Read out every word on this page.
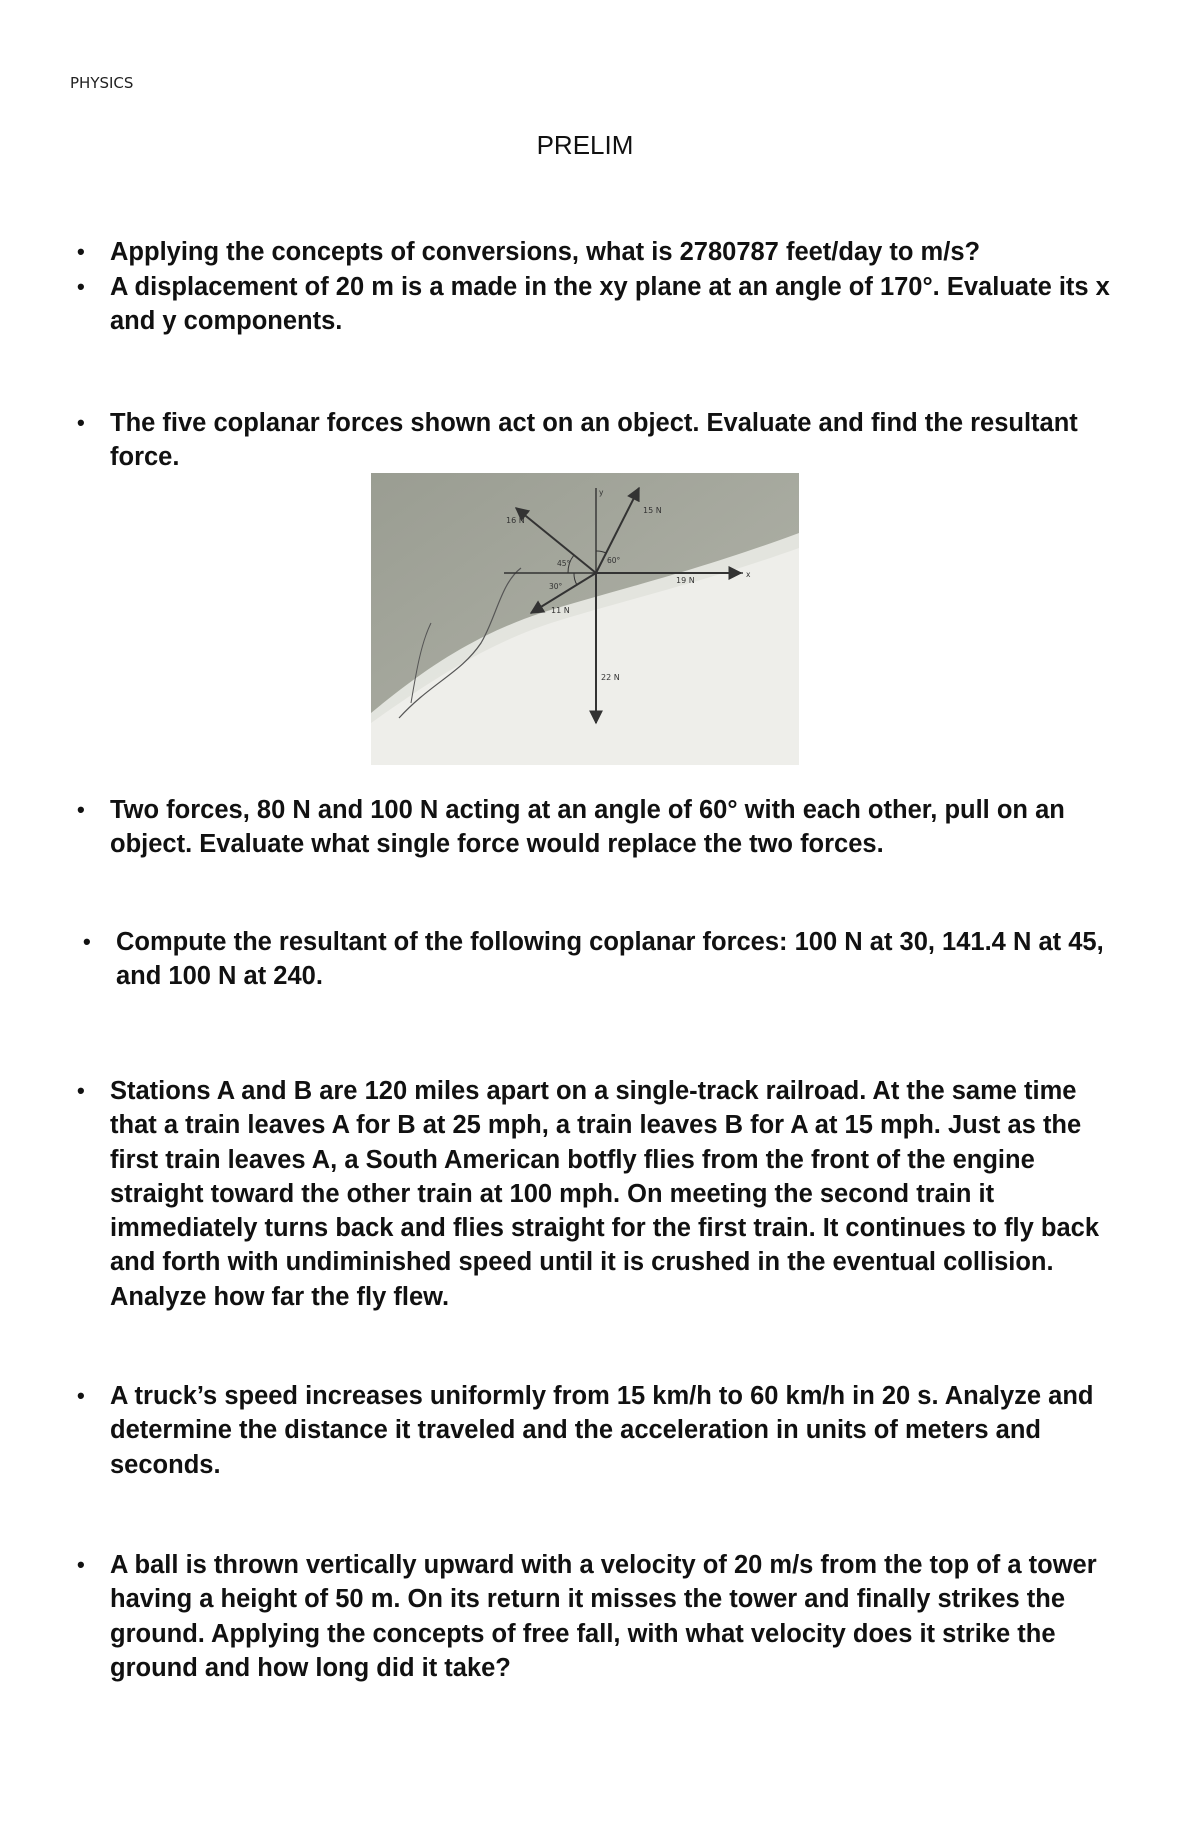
PHYSICS
PRELIM
• Applying the concepts of conversions, what is 2780787 feet/day to m/s?
• A displacement of 20 m is a made in the xy plane at an angle of 170°. Evaluate its x and y components.
• The five coplanar forces shown act on an object. Evaluate and find the resultant force.
16 N
15 N
19 N
11 N
22 N
45°
30°
60°
y
x
• Two forces, 80 N and 100 N acting at an angle of 60° with each other, pull on an object. Evaluate what single force would replace the two forces.
• Compute the resultant of the following coplanar forces: 100 N at 30, 141.4 N at 45, and 100 N at 240.
• Stations A and B are 120 miles apart on a single-track railroad. At the same time that a train leaves A for B at 25 mph, a train leaves B for A at 15 mph. Just as the first train leaves A, a South American botfly flies from the front of the engine straight toward the other train at 100 mph. On meeting the second train it immediately turns back and flies straight for the first train. It continues to fly back and forth with undiminished speed until it is crushed in the eventual collision. Analyze how far the fly flew.
• A truck’s speed increases uniformly from 15 km/h to 60 km/h in 20 s. Analyze and determine the distance it traveled and the acceleration in units of meters and seconds.
• A ball is thrown vertically upward with a velocity of 20 m/s from the top of a tower having a height of 50 m. On its return it misses the tower and finally strikes the ground. Applying the concepts of free fall, with what velocity does it strike the ground and how long did it take?
